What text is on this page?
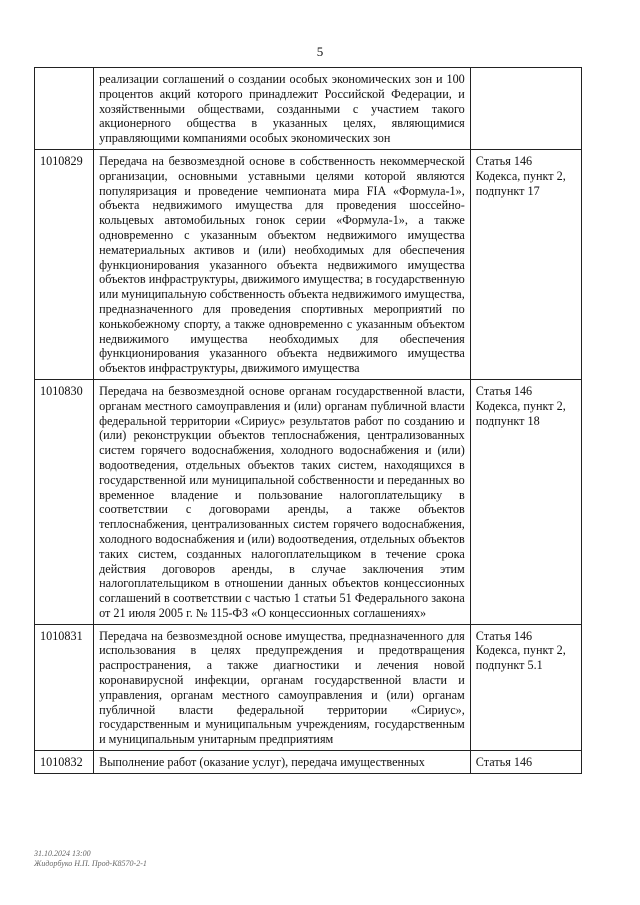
5
	реализации соглашений о создании особых экономических зон и 100 процентов акций которого принадлежит Российской Федерации, и хозяйственными обществами, созданными с участием такого акционерного общества в указанных целях, являющимися управляющими компаниями особых экономических зон	
1010829	Передача на безвозмездной основе в собственность некоммерческой организации, основными уставными целями которой являются популяризация и проведение чемпионата мира FIA «Формула-1», объекта недвижимого имущества для проведения шоссейно-кольцевых автомобильных гонок серии «Формула-1», а также одновременно с указанным объектом недвижимого имущества нематериальных активов и (или) необходимых для обеспечения функционирования указанного объекта недвижимого имущества объектов инфраструктуры, движимого имущества; в государственную или муниципальную собственность объекта недвижимого имущества, предназначенного для проведения спортивных мероприятий по конькобежному спорту, а также одновременно с указанным объектом недвижимого имущества необходимых для обеспечения функционирования указанного объекта недвижимого имущества объектов инфраструктуры, движимого имущества	Статья 146 Кодекса, пункт 2, подпункт 17
1010830	Передача на безвозмездной основе органам государственной власти, органам местного самоуправления и (или) органам публичной власти федеральной территории «Сириус» результатов работ по созданию и (или) реконструкции объектов теплоснабжения, централизованных систем горячего водоснабжения, холодного водоснабжения и (или) водоотведения, отдельных объектов таких систем, находящихся в государственной или муниципальной собственности и переданных во временное владение и пользование налогоплательщику в соответствии с договорами аренды, а также объектов теплоснабжения, централизованных систем горячего водоснабжения, холодного водоснабжения и (или) водоотведения, отдельных объектов таких систем, созданных налогоплательщиком в течение срока действия договоров аренды, в случае заключения этим налогоплательщиком в отношении данных объектов концессионных соглашений в соответствии с частью 1 статьи 51 Федерального закона от 21 июля 2005 г. № 115-ФЗ «О концессионных соглашениях»	Статья 146 Кодекса, пункт 2, подпункт 18
1010831	Передача на безвозмездной основе имущества, предназначенного для использования в целях предупреждения и предотвращения распространения, а также диагностики и лечения новой коронавирусной инфекции, органам государственной власти и управления, органам местного самоуправления и (или) органам публичной власти федеральной территории «Сириус», государственным и муниципальным учреждениям, государственным и муниципальным унитарным предприятиям	Статья 146 Кодекса, пункт 2, подпункт 5.1
1010832	Выполнение работ (оказание услуг), передача имущественных	Статья 146
31.10.2024 13:00
Жидорбуко Н.П. Прод-К8570-2-1
